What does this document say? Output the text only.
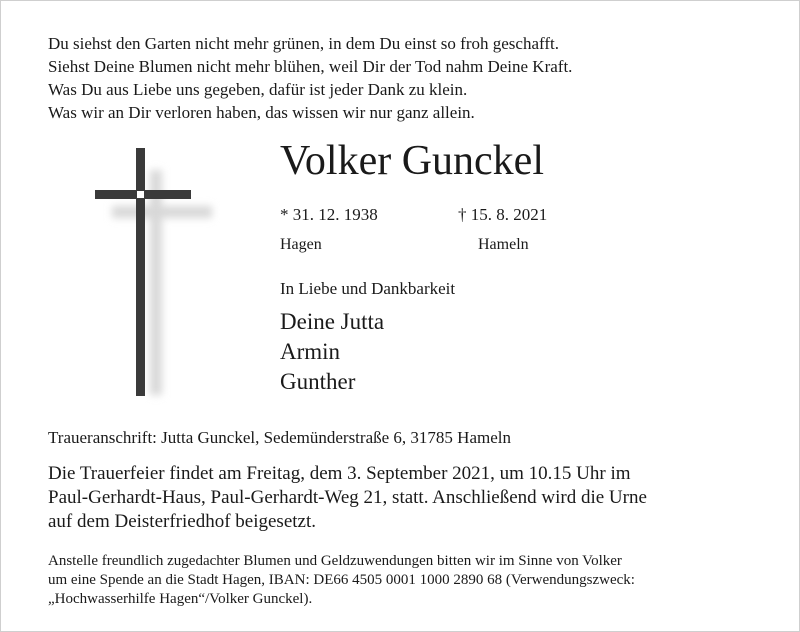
Du siehst den Garten nicht mehr grünen, in dem Du einst so froh geschafft.
Siehst Deine Blumen nicht mehr blühen, weil Dir der Tod nahm Deine Kraft.
Was Du aus Liebe uns gegeben, dafür ist jeder Dank zu klein.
Was wir an Dir verloren haben, das wissen wir nur ganz allein.
Volker Gunckel
* 31. 12. 1938	† 15. 8. 2021
Hagen	Hameln
In Liebe und Dankbarkeit
Deine Jutta
Armin
Gunther
Traueranschrift: Jutta Gunckel, Sedemünderstraße 6, 31785 Hameln
Die Trauerfeier findet am Freitag, dem 3. September 2021, um 10.15 Uhr im
Paul-Gerhardt-Haus, Paul-Gerhardt-Weg 21, statt. Anschließend wird die Urne
auf dem Deisterfriedhof beigesetzt.
Anstelle freundlich zugedachter Blumen und Geldzuwendungen bitten wir im Sinne von Volker
um eine Spende an die Stadt Hagen, IBAN: DE66 4505 0001 1000 2890 68 (Verwendungszweck:
„Hochwasserhilfe Hagen“/Volker Gunckel).
